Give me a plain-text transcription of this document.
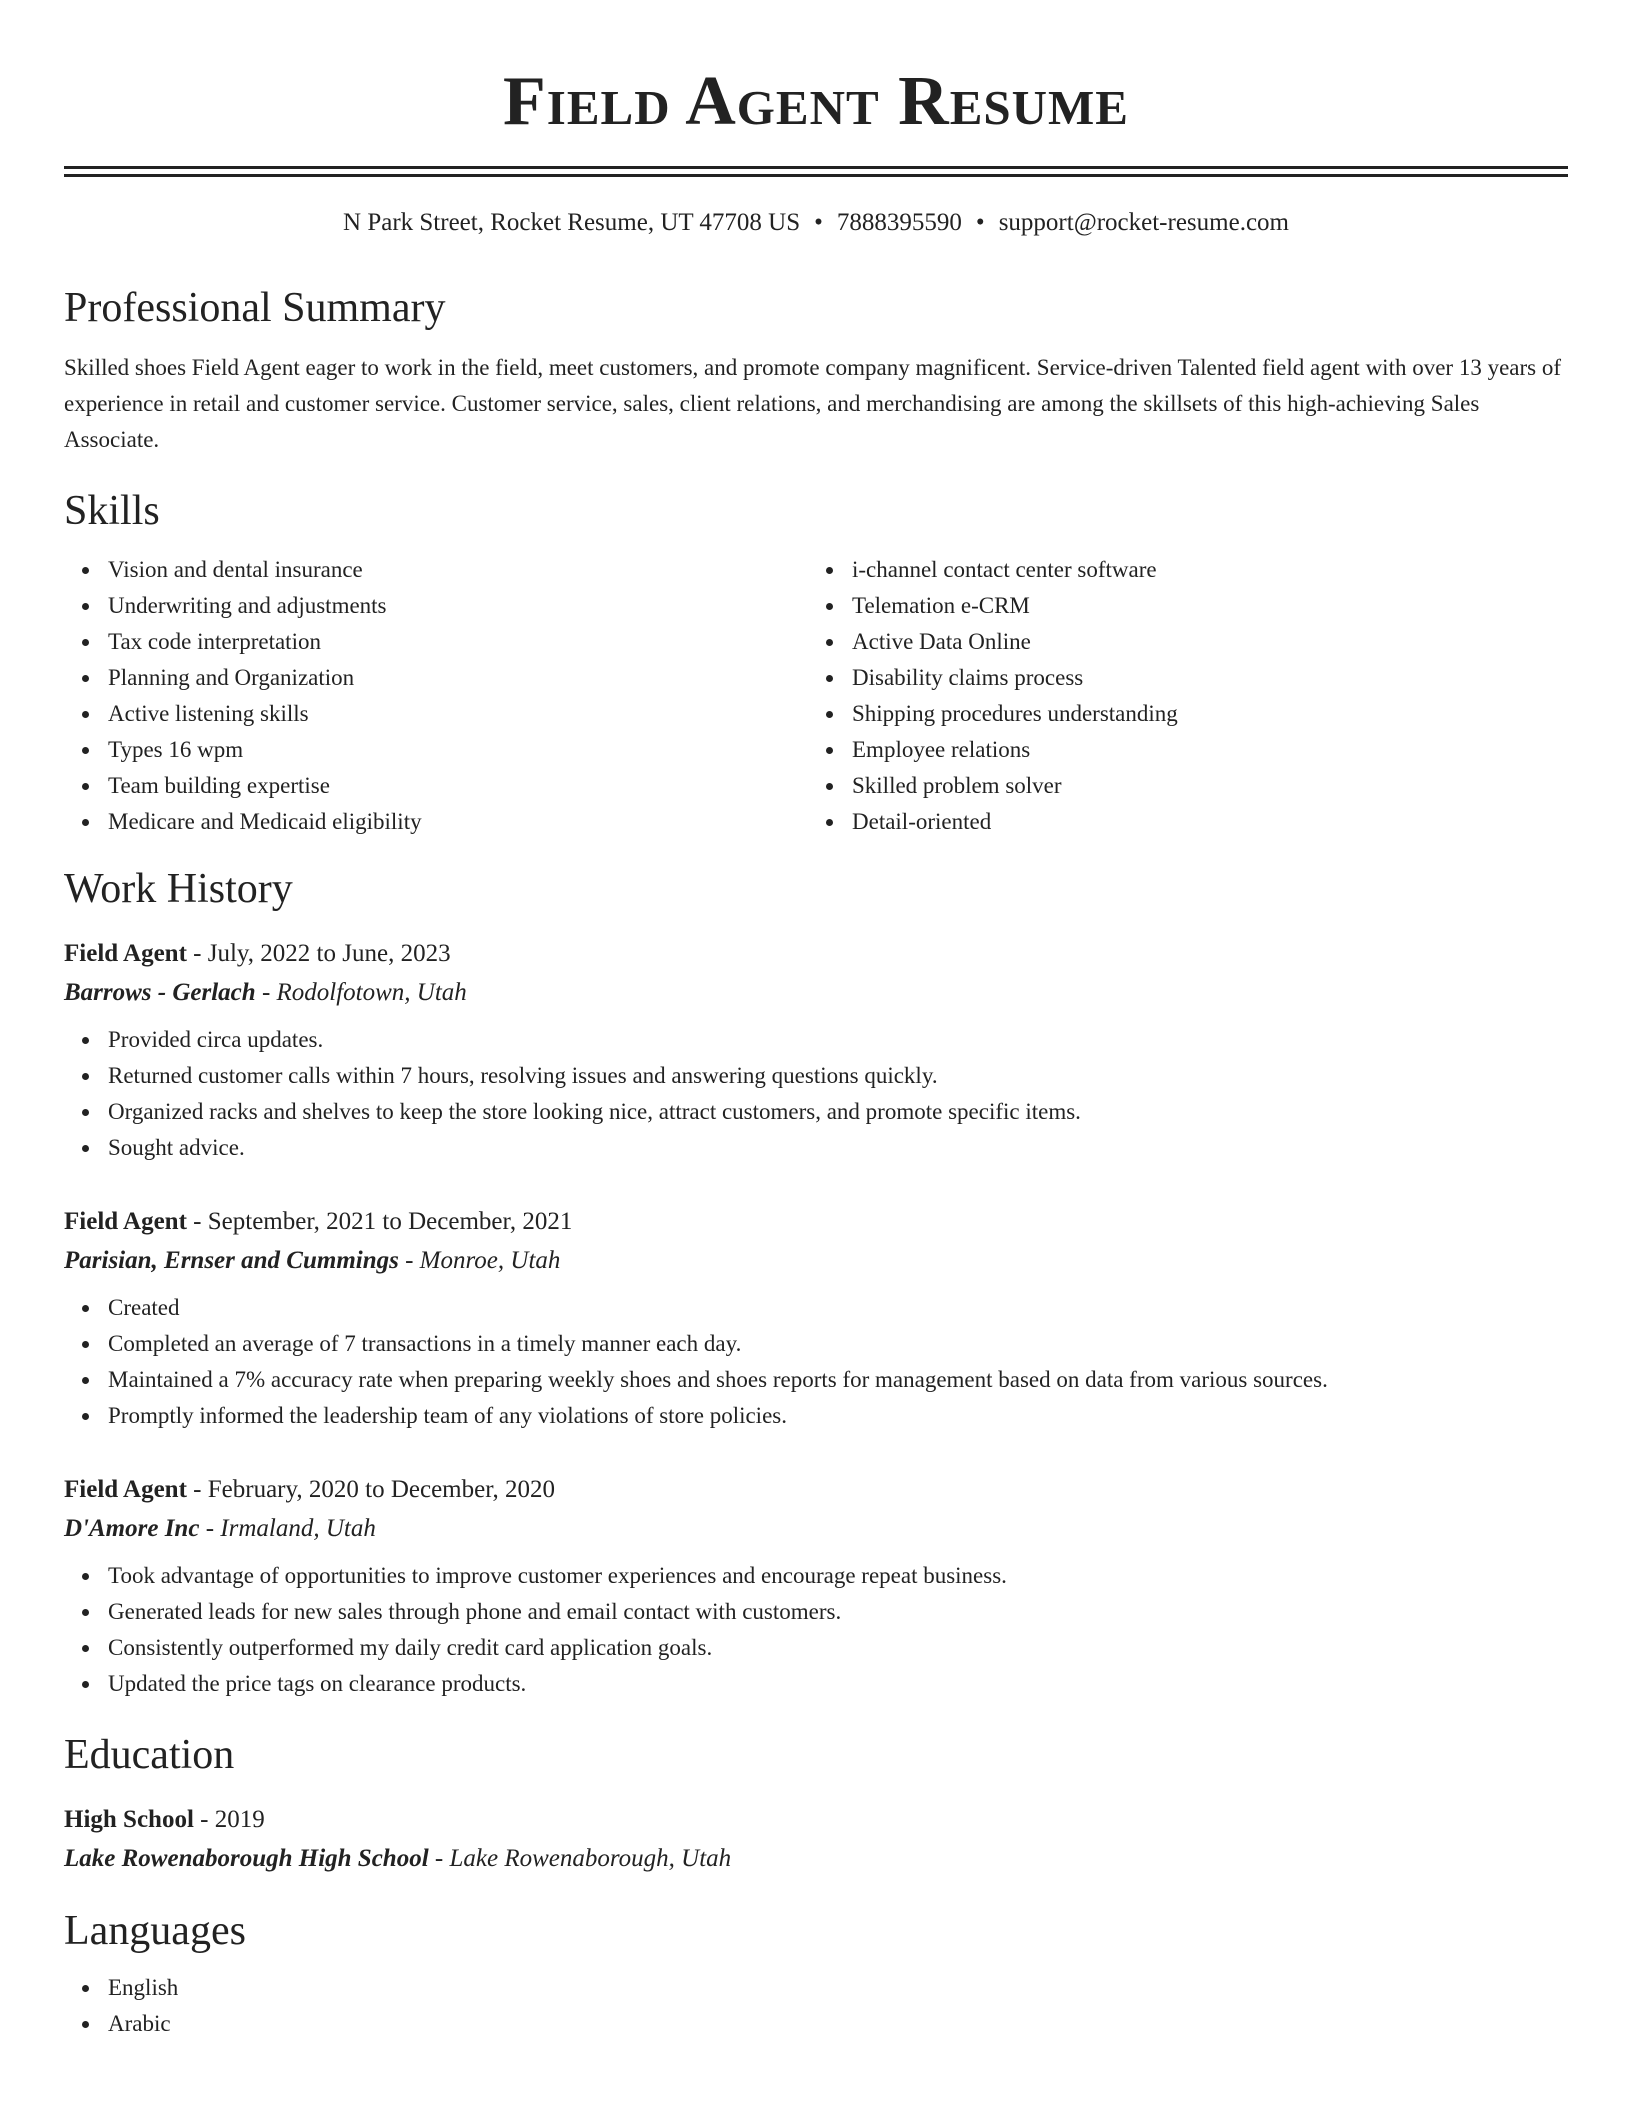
Field Agent Resume
N Park Street, Rocket Resume, UT 47708 US • 7888395590 • support@rocket-resume.com
Professional Summary

Skilled shoes Field Agent eager to work in the field, meet customers, and promote company magnificent. Service-driven Talented field agent with over 13 years of experience in retail and customer service. Customer service, sales, client relations, and merchandising are among the skillsets of this high-achieving Sales Associate.

Skills
Vision and dental insurance
Underwriting and adjustments
Tax code interpretation
Planning and Organization
Active listening skills
Types 16 wpm
Team building expertise
Medicare and Medicaid eligibility
i-channel contact center software
Telemation e-CRM
Active Data Online
Disability claims process
Shipping procedures understanding
Employee relations
Skilled problem solver
Detail-oriented
Work History
Field Agent - July, 2022 to June, 2023
Barrows - Gerlach - Rodolfotown, Utah
Provided circa updates.
Returned customer calls within 7 hours, resolving issues and answering questions quickly.
Organized racks and shelves to keep the store looking nice, attract customers, and promote specific items.
Sought advice.
Field Agent - September, 2021 to December, 2021
Parisian, Ernser and Cummings - Monroe, Utah
Created
Completed an average of 7 transactions in a timely manner each day.
Maintained a 7% accuracy rate when preparing weekly shoes and shoes reports for management based on data from various sources.
Promptly informed the leadership team of any violations of store policies.
Field Agent - February, 2020 to December, 2020
D'Amore Inc - Irmaland, Utah
Took advantage of opportunities to improve customer experiences and encourage repeat business.
Generated leads for new sales through phone and email contact with customers.
Consistently outperformed my daily credit card application goals.
Updated the price tags on clearance products.
Education
High School - 2019
Lake Rowenaborough High School - Lake Rowenaborough, Utah
Languages
English
Arabic
